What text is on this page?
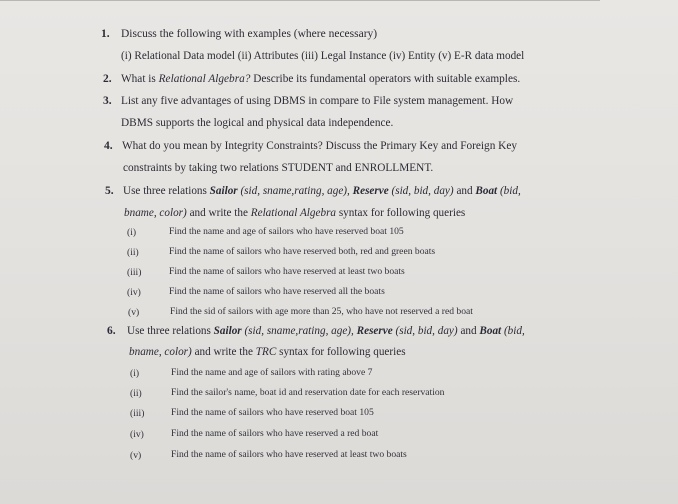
1. Discuss the following with examples (where necessary)
(i) Relational Data model (ii) Attributes (iii) Legal Instance (iv) Entity (v) E-R data model
2. What is Relational Algebra? Describe its fundamental operators with suitable examples.
3. List any five advantages of using DBMS in compare to File system management. How
DBMS supports the logical and physical data independence.
4. What do you mean by Integrity Constraints? Discuss the Primary Key and Foreign Key
constraints by taking two relations STUDENT and ENROLLMENT.
5. Use three relations Sailor (sid, sname,rating, age), Reserve (sid, bid, day) and Boat (bid,
bname, color) and write the Relational Algebra syntax for following queries
(i)	Find the name and age of sailors who have reserved boat 105
(ii)	Find the name of sailors who have reserved both, red and green boats
(iii)	Find the name of sailors who have reserved at least two boats
(iv)	Find the name of sailors who have reserved all the boats
(v)	Find the sid of sailors with age more than 25, who have not reserved a red boat
6. Use three relations Sailor (sid, sname,rating, age), Reserve (sid, bid, day) and Boat (bid,
bname, color) and write the TRC syntax for following queries
(i)	Find the name and age of sailors with rating above 7
(ii)	Find the sailor's name, boat id and reservation date for each reservation
(iii)	Find the name of sailors who have reserved boat 105
(iv)	Find the name of sailors who have reserved a red boat
(v)	Find the name of sailors who have reserved at least two boats
